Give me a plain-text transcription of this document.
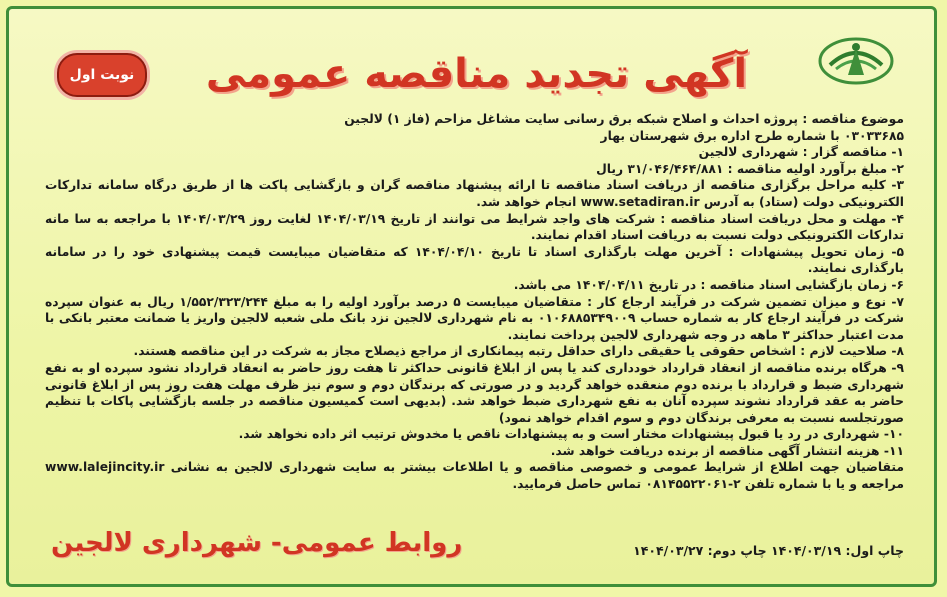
نوبت اول	آگهی تجدید مناقصه عمومی

موضوع مناقصه : پروژه احداث و اصلاح شبکه برق رسانی سایت مشاغل مزاحم (فاز ۱) لالجین

۰۳۰۳۳۶۸۵ با شماره طرح اداره برق شهرستان بهار

۱- مناقصه گزار : شهرداری لالجین

۲- مبلغ برآورد اولیه مناقصه : ۳۱/۰۴۶/۴۶۴/۸۸۱ ریال

۳- کلیه مراحل برگزاری مناقصه از دریافت اسناد مناقصه تا ارائه پیشنهاد مناقصه گران و بازگشایی پاکت ها از طریق درگاه سامانه تدارکات الکترونیکی دولت (ستاد) به آدرس www.setadiran.ir انجام خواهد شد.

۴- مهلت و محل دریافت اسناد مناقصه : شرکت های واجد شرایط می توانند از تاریخ ۱۴۰۴/۰۳/۱۹ لغایت روز ۱۴۰۴/۰۳/۲۹ با مراجعه به سا مانه تدارکات الکترونیکی دولت نسبت به دریافت اسناد اقدام نمایند.

۵- زمان تحویل پیشنهادات : آخرین مهلت بارگذاری اسناد تا تاریخ ۱۴۰۴/۰۴/۱۰ که متقاضیان میبایست قیمت پیشنهادی خود را در سامانه بارگذاری نمایند.

۶- زمان بازگشایی اسناد مناقصه : در تاریخ ۱۴۰۴/۰۴/۱۱ می باشد.

۷- نوع و میزان تضمین شرکت در فرآیند ارجاع کار : متقاضیان میبایست ۵ درصد برآورد اولیه را به مبلغ ۱/۵۵۲/۳۲۳/۲۴۴ ریال به عنوان سپرده شرکت در فرآیند ارجاع کار به شماره حساب ۰۱۰۶۸۸۵۳۴۹۰۰۹ به نام شهرداری لالجین نزد بانک ملی شعبه لالجین واریز یا ضمانت معتبر بانکی با مدت اعتبار حداکثر ۳ ماهه در وجه شهرداری لالجین پرداخت نمایند.

۸- صلاحیت لازم : اشخاص حقوقی یا حقیقی دارای حداقل رتبه پیمانکاری از مراجع ذیصلاح مجاز به شرکت در این مناقصه هستند.

۹- هرگاه برنده مناقصه از انعقاد قرارداد خودداری کند یا پس از ابلاغ قانونی حداکثر تا هفت روز حاضر به انعقاد قرارداد نشود سپرده او به نفع شهرداری ضبط و قرارداد با برنده دوم منعقده خواهد گردید و در صورتی که برندگان دوم و سوم نیز ظرف مهلت هفت روز پس از ابلاغ قانونی حاضر به عقد قرارداد نشوند سپرده آنان به نفع شهرداری ضبط خواهد شد. (بدیهی است کمیسیون مناقصه در جلسه بازگشایی پاکات با تنظیم صورتجلسه نسبت به معرفی برندگان دوم و سوم اقدام خواهد نمود)

۱۰- شهرداری در رد یا قبول پیشنهادات مختار است و به پیشنهادات ناقص یا مخدوش ترتیب اثر داده نخواهد شد.

۱۱- هزینه انتشار آگهی مناقصه از برنده دریافت خواهد شد.

متقاضیان جهت اطلاع از شرایط عمومی و خصوصی مناقصه و یا اطلاعات بیشتر به سایت شهرداری لالجین به نشانی www.lalejincity.ir مراجعه و یا با شماره تلفن ۲-۰۸۱۴۵۵۲۲۰۶۱ تماس حاصل فرمایید.

چاپ اول: ۱۴۰۴/۰۳/۱۹ چاپ دوم: ۱۴۰۴/۰۳/۲۷
روابط عمومی- شهرداری لالجین
